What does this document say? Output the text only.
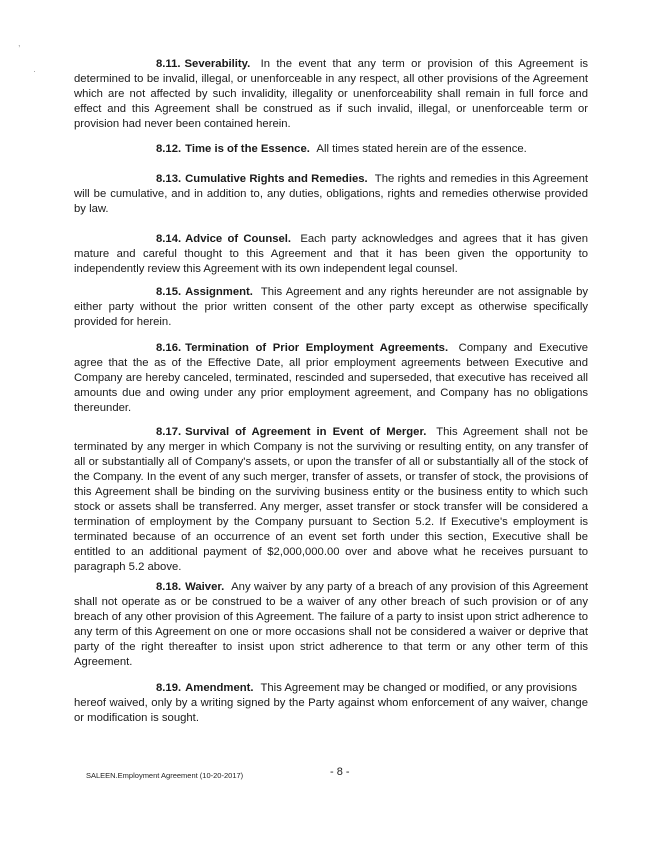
,
·
8.11. Severability. In the event that any term or provision of this Agreement is determined to be invalid, illegal, or unenforceable in any respect, all other provisions of the Agreement which are not affected by such invalidity, illegality or unenforceability shall remain in full force and effect and this Agreement shall be construed as if such invalid, illegal, or unenforceable term or provision had never been contained herein.
8.12. Time is of the Essence. All times stated herein are of the essence.
8.13. Cumulative Rights and Remedies. The rights and remedies in this Agreement will be cumulative, and in addition to, any duties, obligations, rights and remedies otherwise provided by law.
8.14. Advice of Counsel. Each party acknowledges and agrees that it has given mature and careful thought to this Agreement and that it has been given the opportunity to independently review this Agreement with its own independent legal counsel.
8.15. Assignment. This Agreement and any rights hereunder are not assignable by either party without the prior written consent of the other party except as otherwise specifically provided for herein.
8.16. Termination of Prior Employment Agreements. Company and Executive agree that the as of the Effective Date, all prior employment agreements between Executive and Company are hereby canceled, terminated, rescinded and superseded, that executive has received all amounts due and owing under any prior employment agreement, and Company has no obligations thereunder.
8.17. Survival of Agreement in Event of Merger. This Agreement shall not be terminated by any merger in which Company is not the surviving or resulting entity, on any transfer of all or substantially all of Company's assets, or upon the transfer of all or substantially all of the stock of the Company. In the event of any such merger, transfer of assets, or transfer of stock, the provisions of this Agreement shall be binding on the surviving business entity or the business entity to which such stock or assets shall be transferred. Any merger, asset transfer or stock transfer will be considered a termination of employment by the Company pursuant to Section 5.2. If Executive's employment is terminated because of an occurrence of an event set forth under this section, Executive shall be entitled to an additional payment of $2,000,000.00 over and above what he receives pursuant to paragraph 5.2 above.
8.18. Waiver. Any waiver by any party of a breach of any provision of this Agreement shall not operate as or be construed to be a waiver of any other breach of such provision or of any breach of any other provision of this Agreement. The failure of a party to insist upon strict adherence to any term of this Agreement on one or more occasions shall not be considered a waiver or deprive that party of the right thereafter to insist upon strict adherence to that term or any other term of this Agreement.
8.19. Amendment. This Agreement may be changed or modified, or any provisions
hereof waived, only by a writing signed by the Party against whom enforcement of any waiver, change or modification is sought.
SALEEN.Employment Agreement (10-20-2017)	- 8 -
